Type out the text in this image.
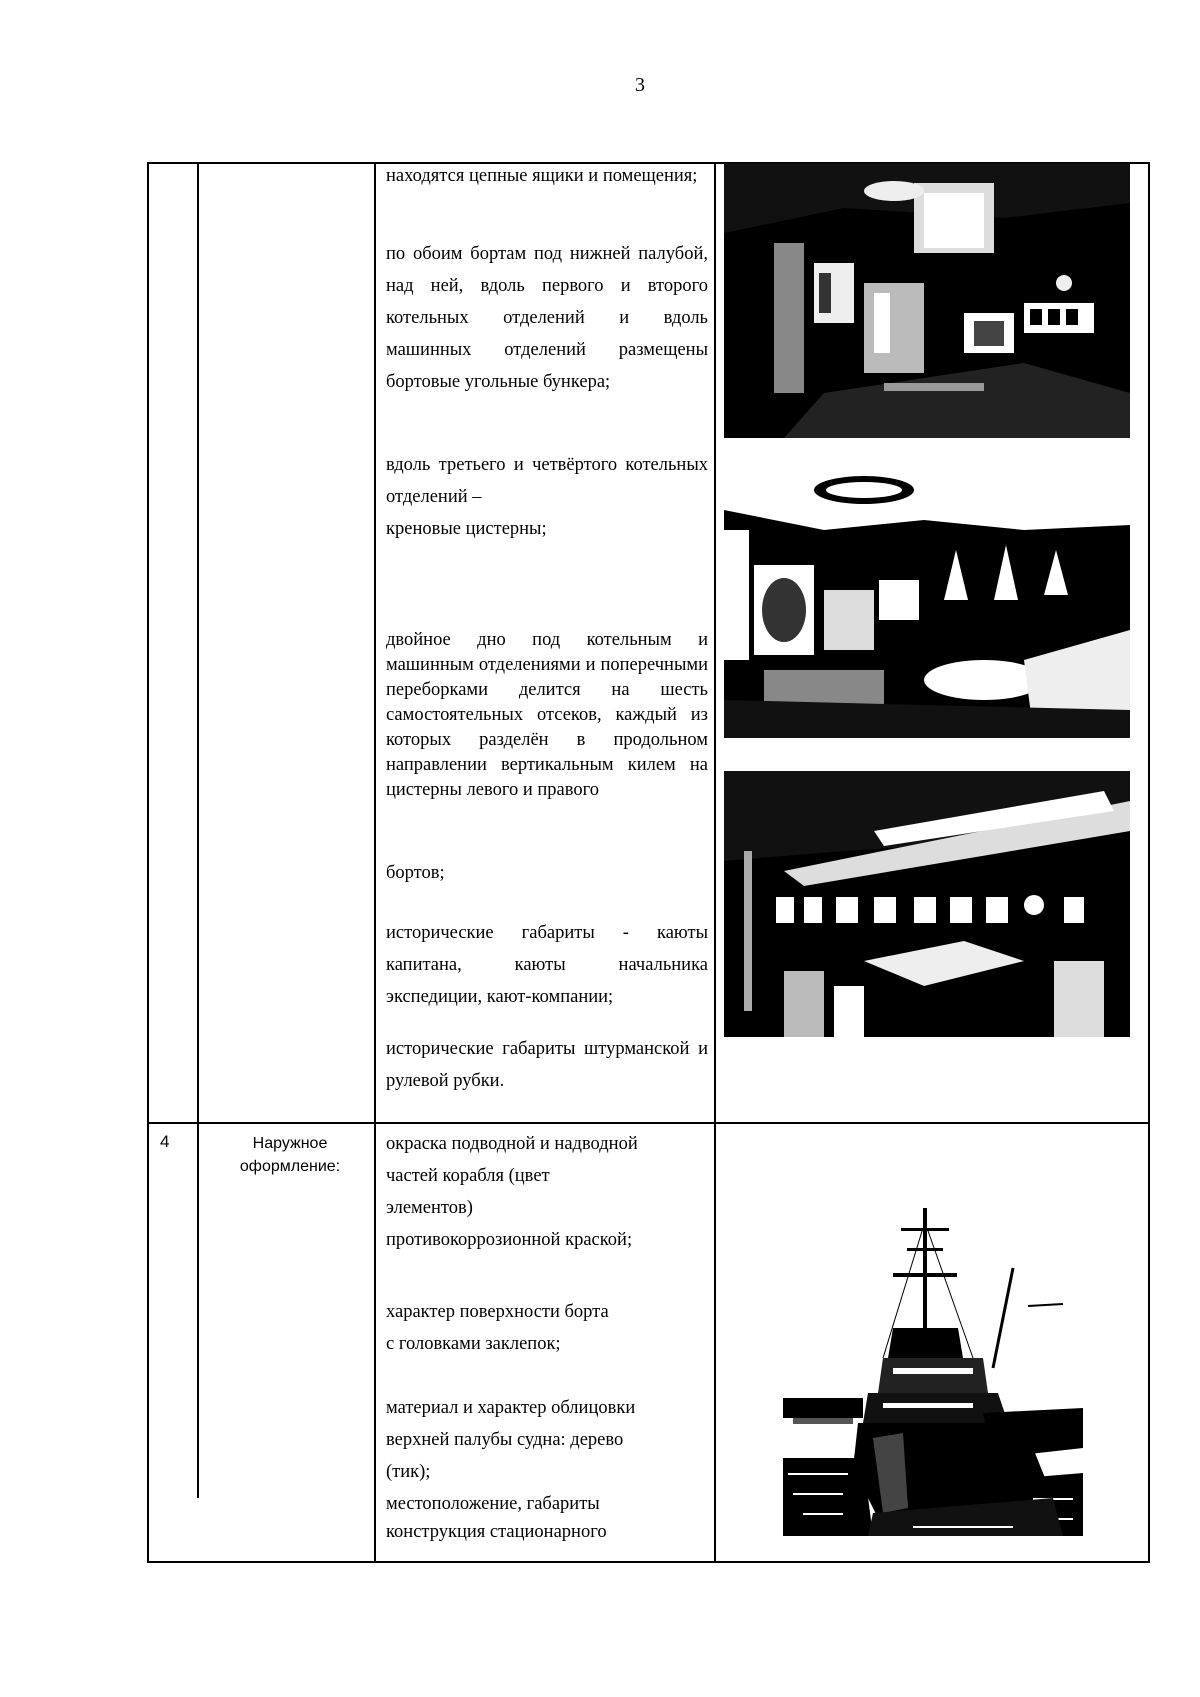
3
находятся цепные ящики и помещения;
по обоим бортам под нижней палубой, над ней, вдоль первого и второго котельных отделений и вдоль машинных отделений размещены бортовые угольные бункера;
вдоль третьего и четвёртого котельных отделений –
креновые цистерны;
двойное дно под котельным и машинным отделениями и поперечными переборками делится на шесть самостоятельных отсеков, каждый из которых разделён в продольном направлении вертикальным килем на цистерны левого и правого
бортов;
исторические габариты - каюты капитана, каюты начальника экспедиции, кают-компании;
исторические габариты штурманской и рулевой рубки.
4	Наружное оформление:
окраска подводной и надводной
частей корабля (цвет
элементов)
противокоррозионной краской;
характер поверхности борта
с головками заклепок;
материал и характер облицовки
верхней палубы судна: дерево
(тик);
местоположение, габариты
конструкция стационарного
